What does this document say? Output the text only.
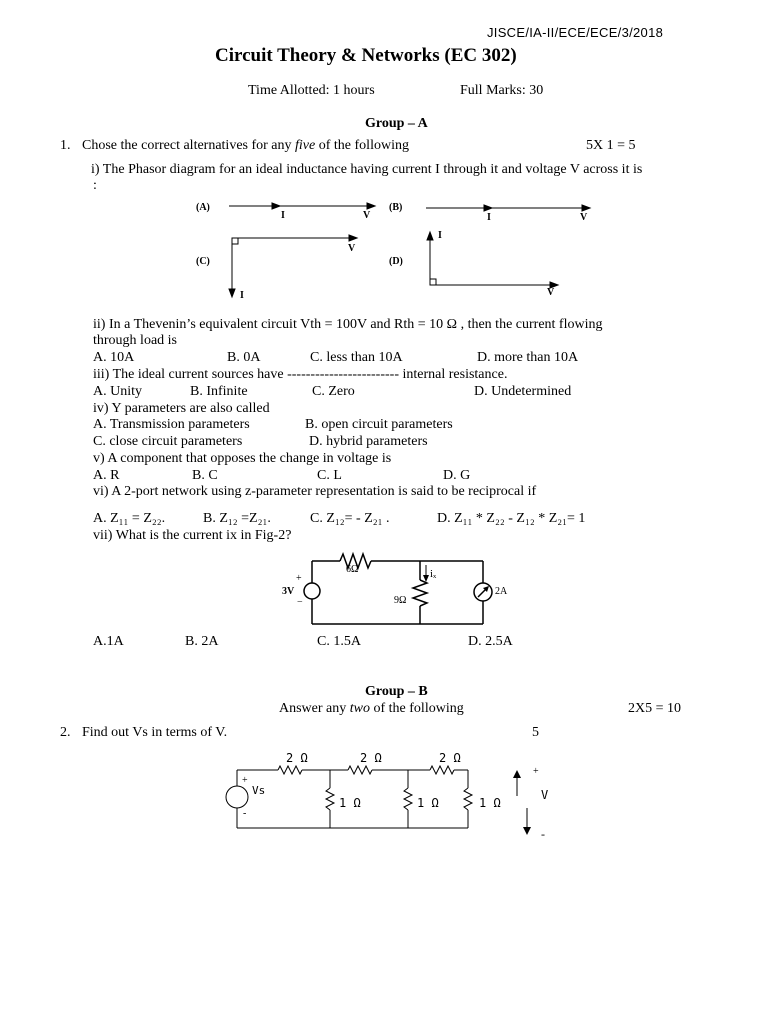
JISCE/IA-II/ECE/ECE/3/2018
Circuit Theory & Networks (EC 302)
Time Allotted: 1 hours	Full Marks: 30
Group – A
1. Chose the correct alternatives for any five of the following	5X 1 = 5
i) The Phasor diagram for an ideal inductance having current I through it and voltage V across it is
:
(A)
I	V
(B)
I	V
(C)
V
I
(D)
I
V
ii) In a Thevenin’s equivalent circuit Vth = 100V and Rth = 10 Ω , then the current flowing
through load is
A. 10A	B. 0A	C. less than 10A	D. more than 10A
iii) The ideal current sources have ------------------------ internal resistance.
A. Unity	B. Infinite	C. Zero	D. Undetermined
iv) Y parameters are also called
A. Transmission parameters	B. open circuit parameters
C. close circuit parameters	D. hybrid parameters
v) A component that opposes the change in voltage is
A. R	B. C	C. L	D. G
vi) A 2-port network using z-parameter representation is said to be reciprocal if
A. Z₁₁ = Z₂₂.	B. Z₁₂ =Z₂₁.	C. Z₁₂= - Z₂₁ .	D. Z₁₁ * Z₂₂ - Z₁₂ * Z₂₁= 1
vii) What is the current ix in Fig-2?
6Ω
9Ω
iₓ
3V
+
−
2A
A.1A	B. 2A	C. 1.5A	D. 2.5A
Group – B
Answer any two of the following	2X5 = 10
2. Find out Vs in terms of V.	5
2 Ω	2 Ω	2 Ω
1 Ω	1 Ω	1 Ω
Vs
+
-
+
V
-
